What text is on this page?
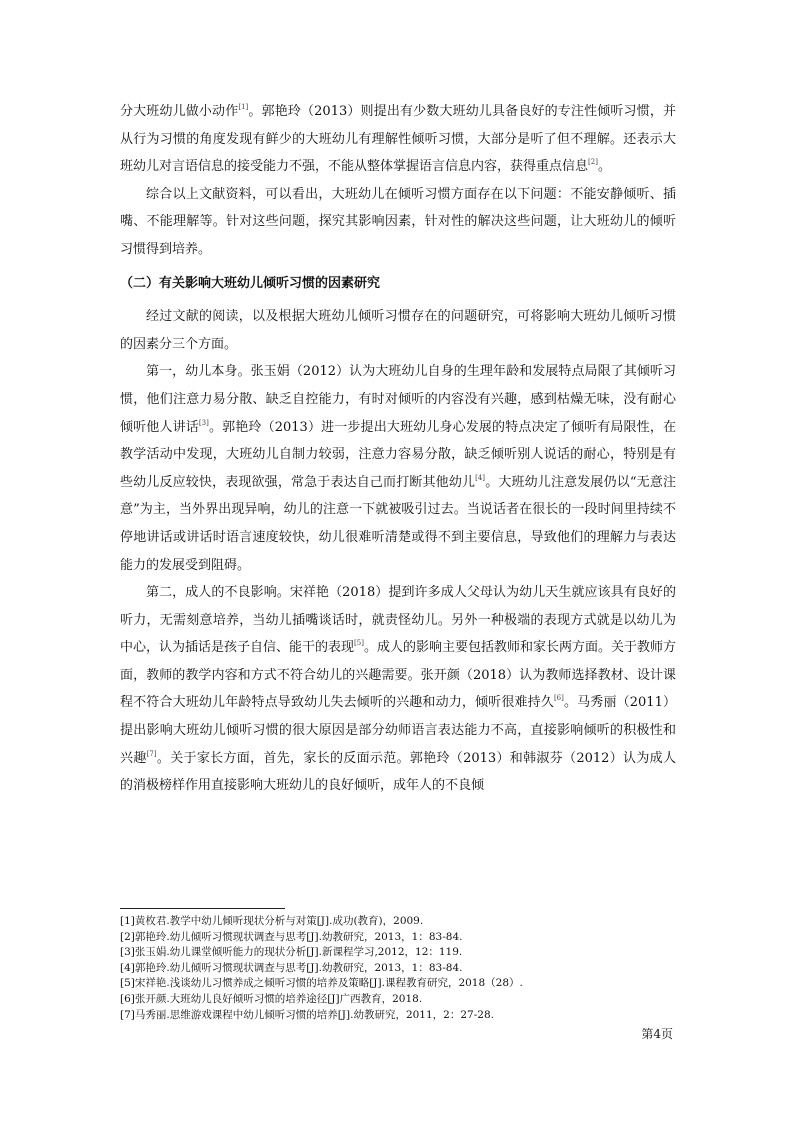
分大班幼儿做小动作[1]。郭艳玲（2013）则提出有少数大班幼儿具备良好的专注性倾听习惯，并从行为习惯的角度发现有鲜少的大班幼儿有理解性倾听习惯，大部分是听了但不理解。还表示大班幼儿对言语信息的接受能力不强，不能从整体掌握语言信息内容，获得重点信息[2]。

综合以上文献资料，可以看出，大班幼儿在倾听习惯方面存在以下问题：不能安静倾听、插嘴、不能理解等。针对这些问题，探究其影响因素，针对性的解决这些问题，让大班幼儿的倾听习惯得到培养。

（二）有关影响大班幼儿倾听习惯的因素研究

经过文献的阅读，以及根据大班幼儿倾听习惯存在的问题研究，可将影响大班幼儿倾听习惯的因素分三个方面。

第一，幼儿本身。张玉娟（2012）认为大班幼儿自身的生理年龄和发展特点局限了其倾听习惯，他们注意力易分散、缺乏自控能力，有时对倾听的内容没有兴趣，感到枯燥无味，没有耐心倾听他人讲话[3]。郭艳玲（2013）进一步提出大班幼儿身心发展的特点决定了倾听有局限性，在教学活动中发现，大班幼儿自制力较弱，注意力容易分散，缺乏倾听别人说话的耐心，特别是有些幼儿反应较快，表现欲强，常急于表达自己而打断其他幼儿[4]。大班幼儿注意发展仍以“无意注意”为主，当外界出现异响，幼儿的注意一下就被吸引过去。当说话者在很长的一段时间里持续不停地讲话或讲话时语言速度较快，幼儿很难听清楚或得不到主要信息，导致他们的理解力与表达能力的发展受到阻碍。

第二，成人的不良影响。宋祥艳（2018）提到许多成人父母认为幼儿天生就应该具有良好的听力，无需刻意培养，当幼儿插嘴谈话时，就责怪幼儿。另外一种极端的表现方式就是以幼儿为中心，认为插话是孩子自信、能干的表现[5]。成人的影响主要包括教师和家长两方面。关于教师方面，教师的教学内容和方式不符合幼儿的兴趣需要。张开颜（2018）认为教师选择教材、设计课程不符合大班幼儿年龄特点导致幼儿失去倾听的兴趣和动力，倾听很难持久[6]。马秀丽（2011）提出影响大班幼儿倾听习惯的很大原因是部分幼师语言表达能力不高，直接影响倾听的积极性和兴趣[7]。关于家长方面，首先，家长的反面示范。郭艳玲（2013）和韩淑芬（2012）认为成人的消极榜样作用直接影响大班幼儿的良好倾听，成年人的不良倾

[1]黄枚君.教学中幼儿倾听现状分析与对策[J].成功(教育)，2009.

[2]郭艳玲.幼儿倾听习惯现状调查与思考[J].幼教研究，2013，1：83-84.

[3]张玉娟.幼儿课堂倾听能力的现状分析[J].新课程学习,2012，12：119.

[4]郭艳玲.幼儿倾听习惯现状调查与思考[J].幼教研究，2013，1：83-84.

[5]宋祥艳.浅谈幼儿习惯养成之倾听习惯的培养及策略[J].课程教育研究，2018（28）.

[6]张开颜.大班幼儿良好倾听习惯的培养途径[J]广西教育，2018.

[7]马秀丽.思维游戏课程中幼儿倾听习惯的培养[J].幼教研究，2011，2：27-28.

第4页
